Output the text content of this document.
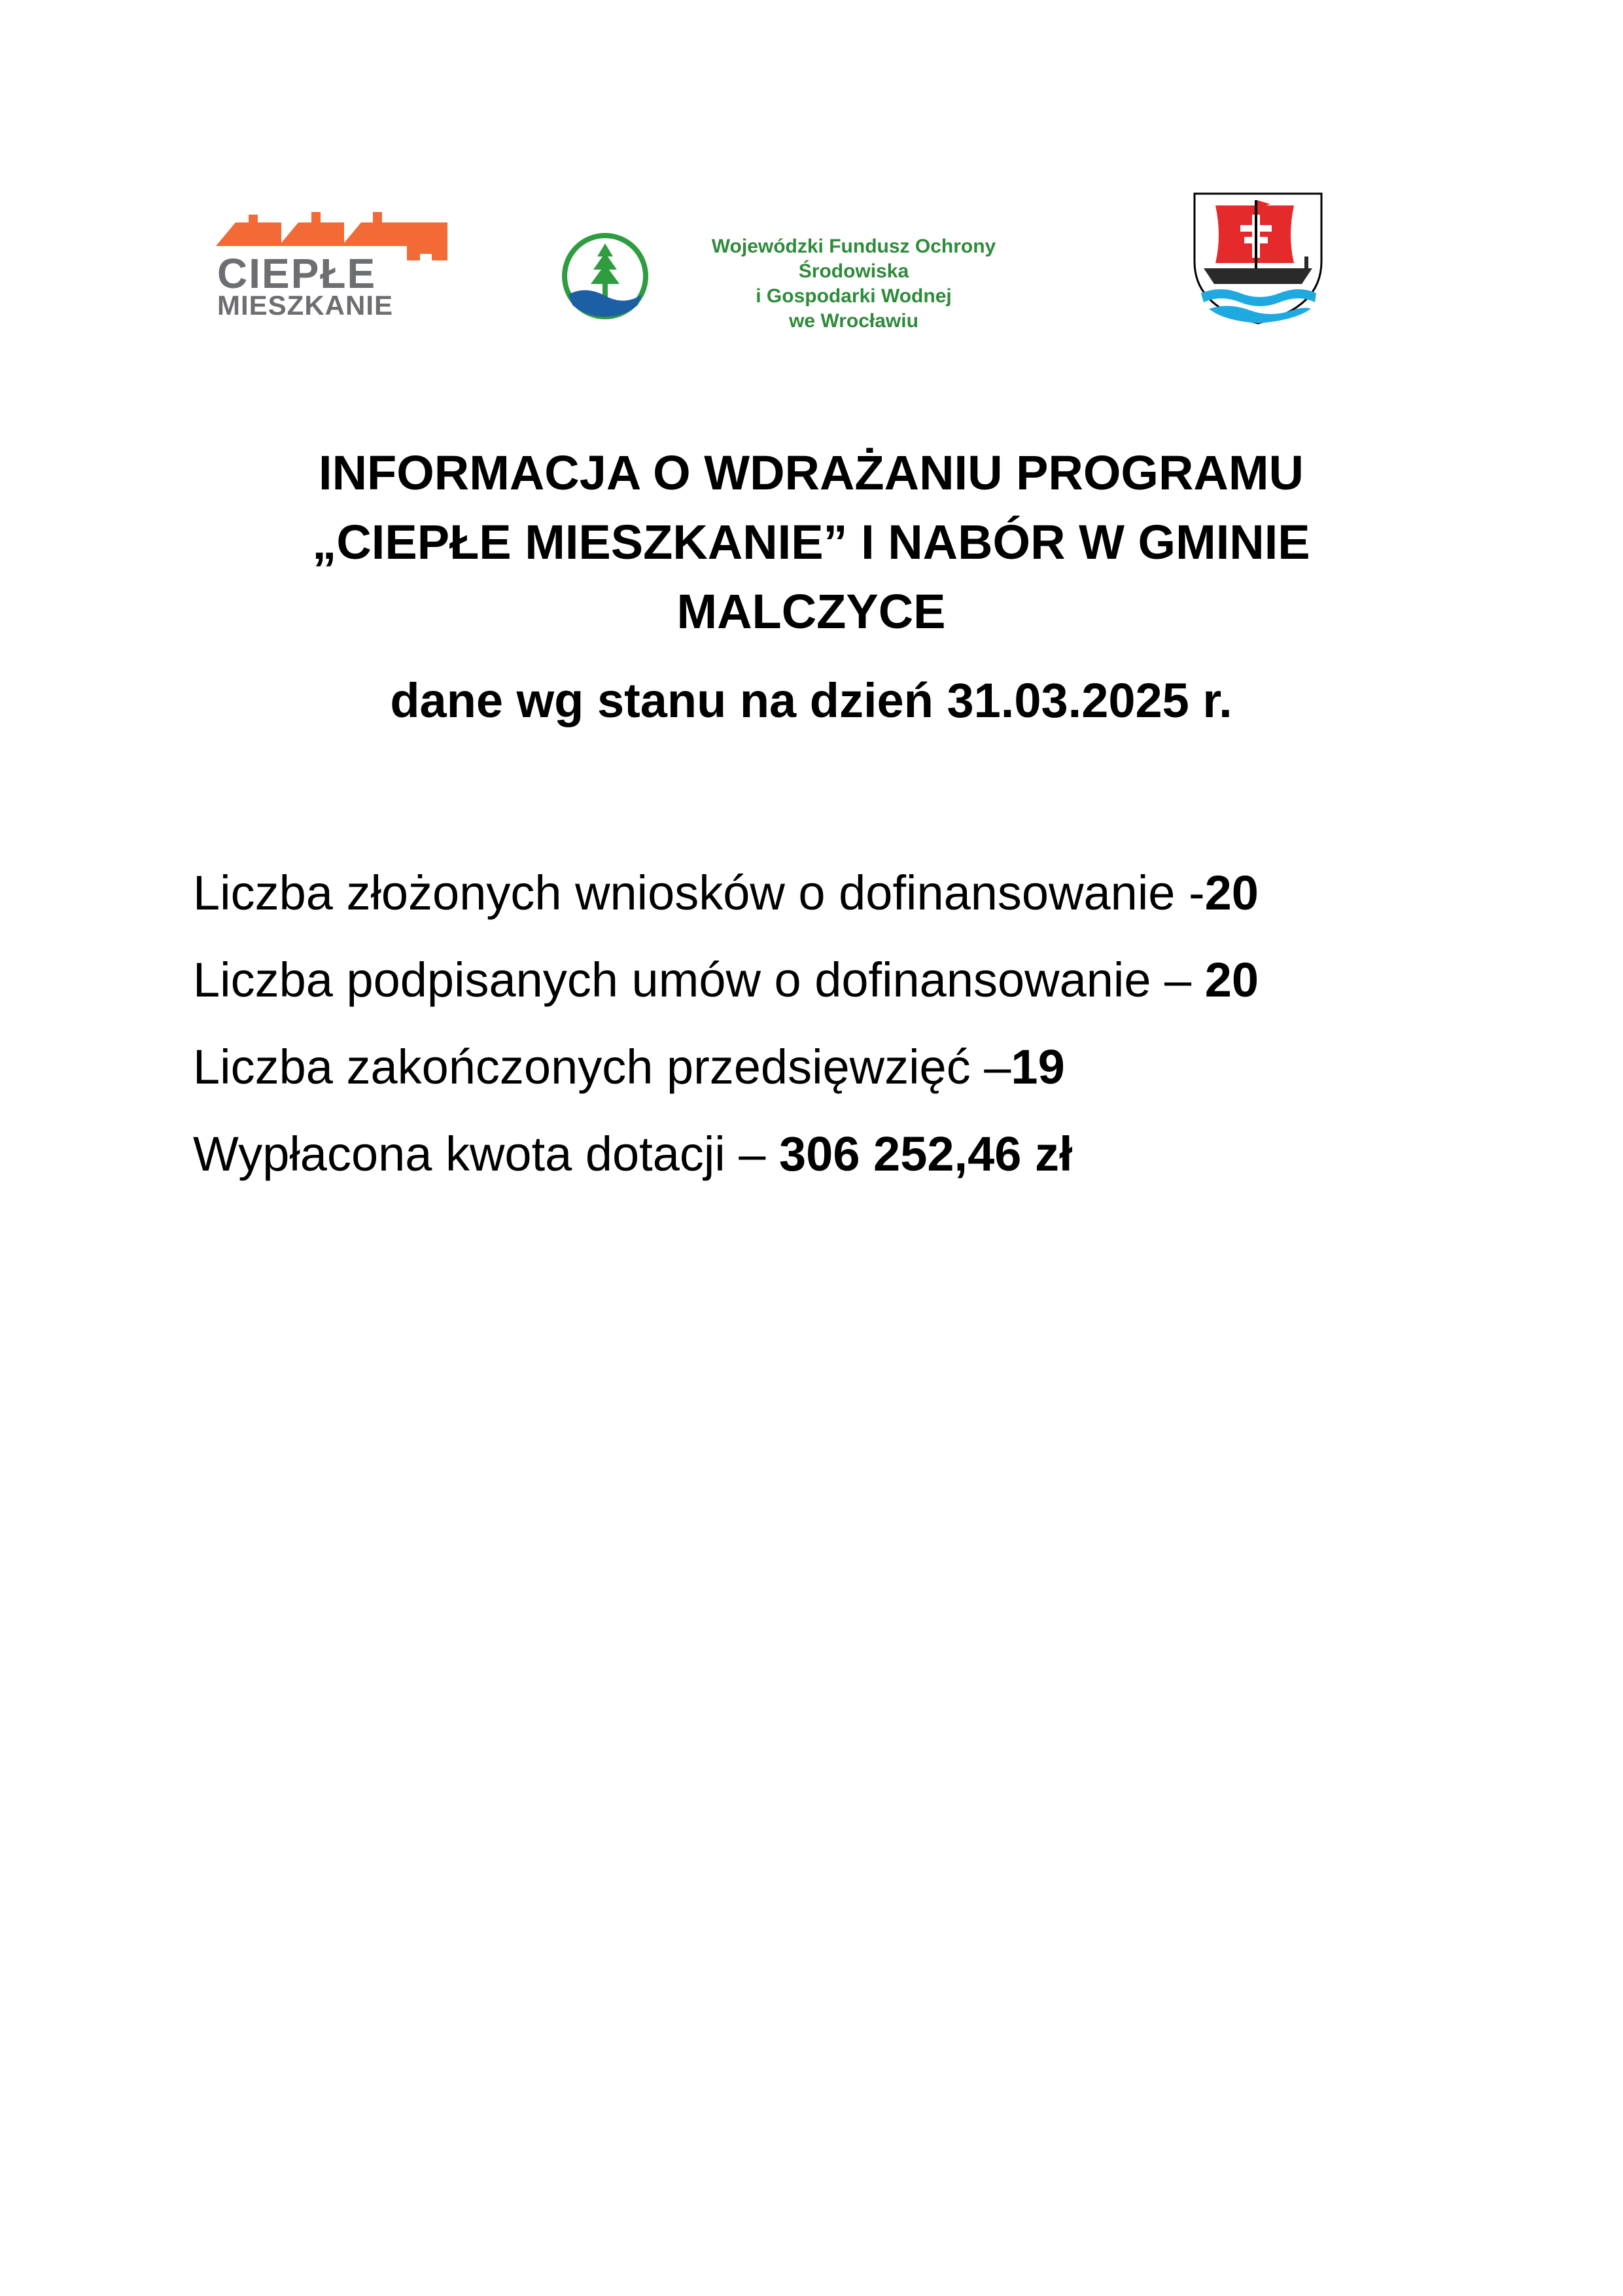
CIEPŁE
MIESZKANIE
Wojewódzki Fundusz Ochrony Środowiska
i Gospodarki Wodnej
we Wrocławiu
INFORMACJA O WDRAŻANIU PROGRAMU
„CIEPŁE MIESZKANIE” I NABÓR W GMINIE
MALCZYCE
dane wg stanu na dzień 31.03.2025 r.
Liczba złożonych wniosków o dofinansowanie -20
Liczba podpisanych umów o dofinansowanie – 20
Liczba zakończonych przedsięwzięć –19
Wypłacona kwota dotacji – 306 252,46 zł
